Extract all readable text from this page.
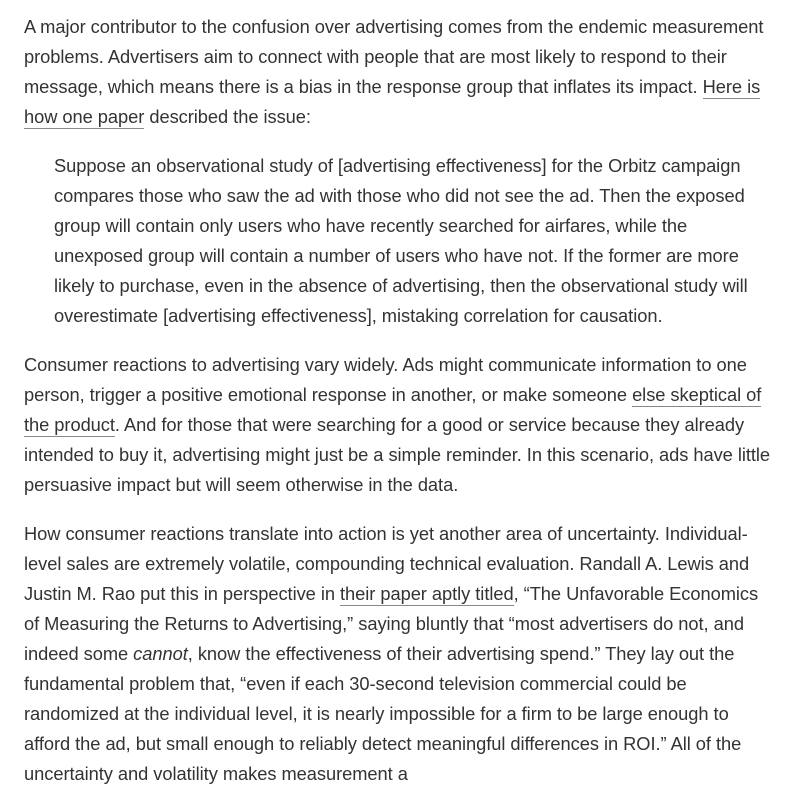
A major contributor to the confusion over advertising comes from the endemic measurement problems. Advertisers aim to connect with people that are most likely to respond to their message, which means there is a bias in the response group that inflates its impact. Here is how one paper described the issue:

Suppose an observational study of [advertising effectiveness] for the Orbitz campaign compares those who saw the ad with those who did not see the ad. Then the exposed group will contain only users who have recently searched for airfares, while the unexposed group will contain a number of users who have not. If the former are more likely to purchase, even in the absence of advertising, then the observational study will overestimate [advertising effectiveness], mistaking correlation for causation.

Consumer reactions to advertising vary widely. Ads might communicate information to one person, trigger a positive emotional response in another, or make someone else skeptical of the product. And for those that were searching for a good or service because they already intended to buy it, advertising might just be a simple reminder. In this scenario, ads have little persuasive impact but will seem otherwise in the data.

How consumer reactions translate into action is yet another area of uncertainty. Individual-level sales are extremely volatile, compounding technical evaluation. Randall A. Lewis and Justin M. Rao put this in perspective in their paper aptly titled, “The Unfavorable Economics of Measuring the Returns to Advertising,” saying bluntly that “most advertisers do not, and indeed some cannot, know the effectiveness of their advertising spend.” They lay out the fundamental problem that, “even if each 30-second television commercial could be randomized at the individual level, it is nearly impossible for a firm to be large enough to afford the ad, but small enough to reliably detect meaningful differences in ROI.” All of the uncertainty and volatility makes measurement a
